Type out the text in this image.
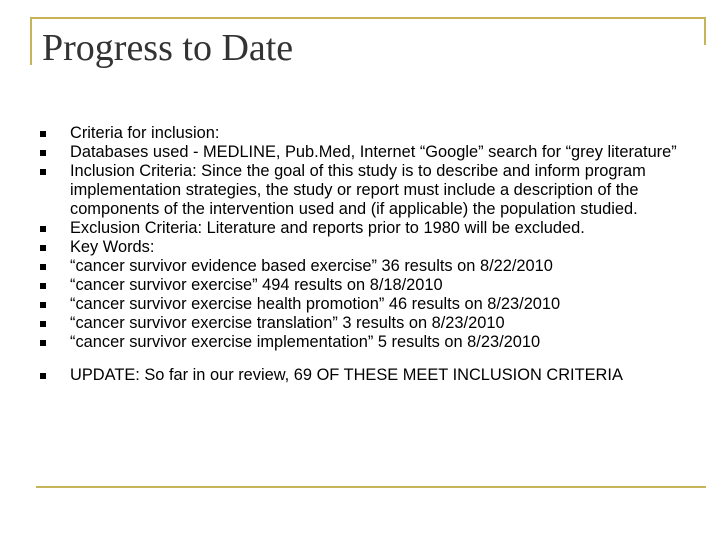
Progress to Date
Criteria for inclusion:
Databases used - MEDLINE, Pub.Med, Internet “Google” search for “grey literature”
Inclusion Criteria: Since the goal of this study is to describe and inform program implementation strategies, the study or report must include a description of the components of the intervention used and (if applicable) the population studied.
Exclusion Criteria: Literature and reports prior to 1980 will be excluded.
Key Words:
“cancer survivor evidence based exercise” 36 results on 8/22/2010
“cancer survivor exercise” 494 results on 8/18/2010
“cancer survivor exercise health promotion” 46 results on 8/23/2010
“cancer survivor exercise translation” 3 results on 8/23/2010
“cancer survivor exercise implementation” 5 results on 8/23/2010
UPDATE: So far in our review, 69 OF THESE MEET INCLUSION CRITERIA
